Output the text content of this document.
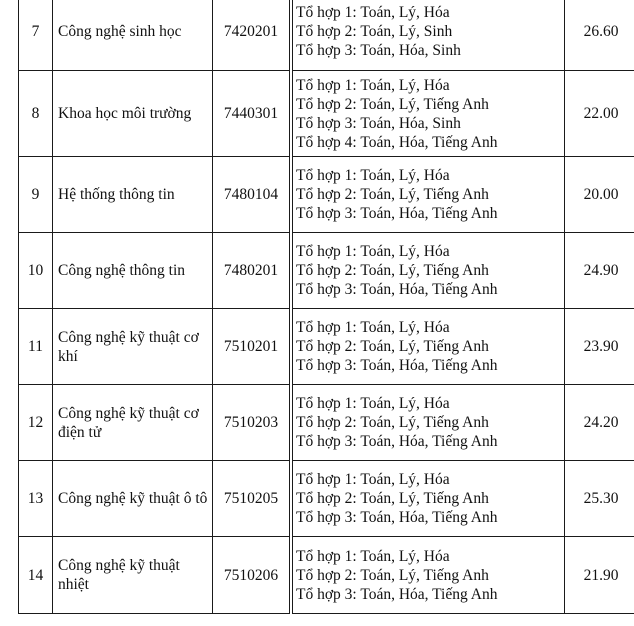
7	Công nghệ sinh học	7420201	Tổ hợp 1: Toán, Lý, Hóa
Tổ hợp 2: Toán, Lý, Sinh
Tổ hợp 3: Toán, Hóa, Sinh	26.60
8	Khoa học môi trường	7440301	Tổ hợp 1: Toán, Lý, Hóa
Tổ hợp 2: Toán, Lý, Tiếng Anh
Tổ hợp 3: Toán, Hóa, Sinh
Tổ hợp 4: Toán, Hóa, Tiếng Anh	22.00
9	Hệ thống thông tin	7480104	Tổ hợp 1: Toán, Lý, Hóa
Tổ hợp 2: Toán, Lý, Tiếng Anh
Tổ hợp 3: Toán, Hóa, Tiếng Anh	20.00
10	Công nghệ thông tin	7480201	Tổ hợp 1: Toán, Lý, Hóa
Tổ hợp 2: Toán, Lý, Tiếng Anh
Tổ hợp 3: Toán, Hóa, Tiếng Anh	24.90
11	Công nghệ kỹ thuật cơ khí	7510201	Tổ hợp 1: Toán, Lý, Hóa
Tổ hợp 2: Toán, Lý, Tiếng Anh
Tổ hợp 3: Toán, Hóa, Tiếng Anh	23.90
12	Công nghệ kỹ thuật cơ điện tử	7510203	Tổ hợp 1: Toán, Lý, Hóa
Tổ hợp 2: Toán, Lý, Tiếng Anh
Tổ hợp 3: Toán, Hóa, Tiếng Anh	24.20
13	Công nghệ kỹ thuật ô tô	7510205	Tổ hợp 1: Toán, Lý, Hóa
Tổ hợp 2: Toán, Lý, Tiếng Anh
Tổ hợp 3: Toán, Hóa, Tiếng Anh	25.30
14	Công nghệ kỹ thuật nhiệt	7510206	Tổ hợp 1: Toán, Lý, Hóa
Tổ hợp 2: Toán, Lý, Tiếng Anh
Tổ hợp 3: Toán, Hóa, Tiếng Anh	21.90
